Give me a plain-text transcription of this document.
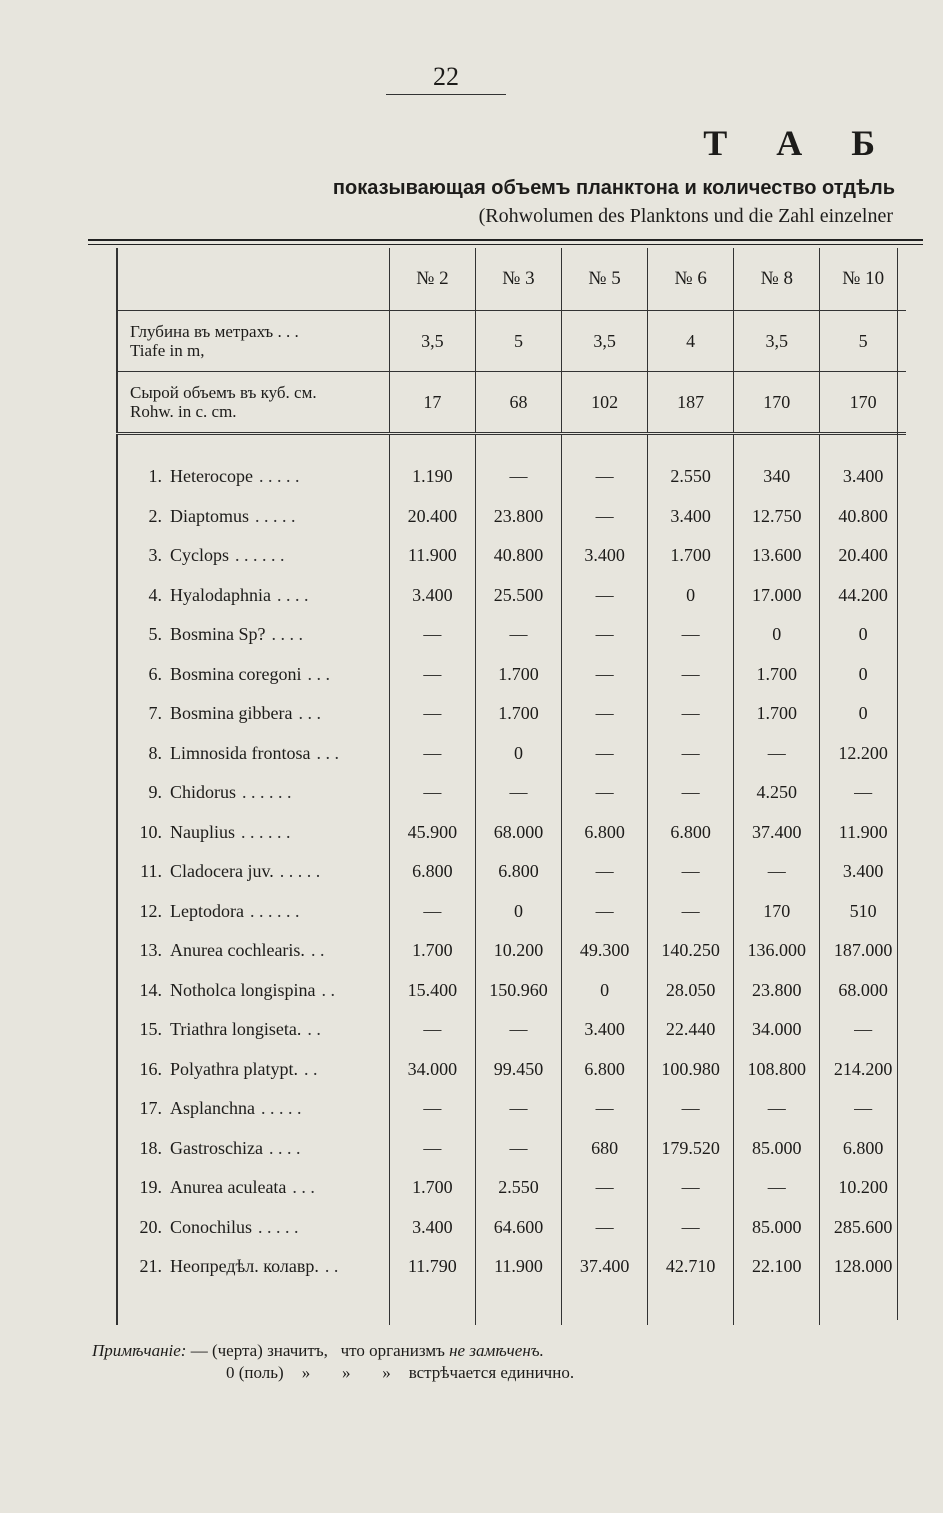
22
Т А Б
показывающая объемъ планктона и количество отдѣль
(Rohwolumen des Planktons und die Zahl einzelner
	№ 2	№ 3	№ 5	№ 6	№ 8	№ 10

Глубина въ метрахъ . . .
Tiafe in m,	3,5	5	3,5	4	3,5	5

Сырой объемъ въ куб. см.
Rohw. in c. cm.	17	68	102	187	170	170

1. Heterocope . . . . .	1.190	—	—	2.550	340	3.400

2. Diaptomus . . . . .	20.400	23.800	—	3.400	12.750	40.800

3. Cyclops . . . . . .	11.900	40.800	3.400	1.700	13.600	20.400

4. Hyalodaphnia . . . .	3.400	25.500	—	0	17.000	44.200

5. Bosmina Sp? . . . .	—	—	—	—	0	0

6. Bosmina coregoni . . .	—	1.700	—	—	1.700	0

7. Bosmina gibbera . . .	—	1.700	—	—	1.700	0

8. Limnosida frontosa . . .	—	0	—	—	—	12.200

9. Chidorus . . . . . .	—	—	—	—	4.250	—

10. Nauplius . . . . . .	45.900	68.000	6.800	6.800	37.400	11.900

11. Cladocera juv. . . . . .	6.800	6.800	—	—	—	3.400

12. Leptodora . . . . . .	—	0	—	—	170	510

13. Anurea cochlearis. . .	1.700	10.200	49.300	140.250	136.000	187.000

14. Notholca longispina . .	15.400	150.960	0	28.050	23.800	68.000

15. Triathra longiseta. . .	—	—	3.400	22.440	34.000	—

16. Polyathra platypt. . .	34.000	99.450	6.800	100.980	108.800	214.200

17. Asplanchna . . . . .	—	—	—	—	—	—

18. Gastroschiza . . . .	—	—	680	179.520	85.000	6.800

19. Anurea aculeata . . .	1.700	2.550	—	—	—	10.200

20. Conochilus . . . . .	3.400	64.600	—	—	85.000	285.600

21. Неопредѣл. колавр. . .	11.790	11.900	37.400	42.710	22.100	128.000

Примѣчаніе: — (черта) значитъ, что организмъ не замѣченъ.
0 (поль) » » » встрѣчается единично.
